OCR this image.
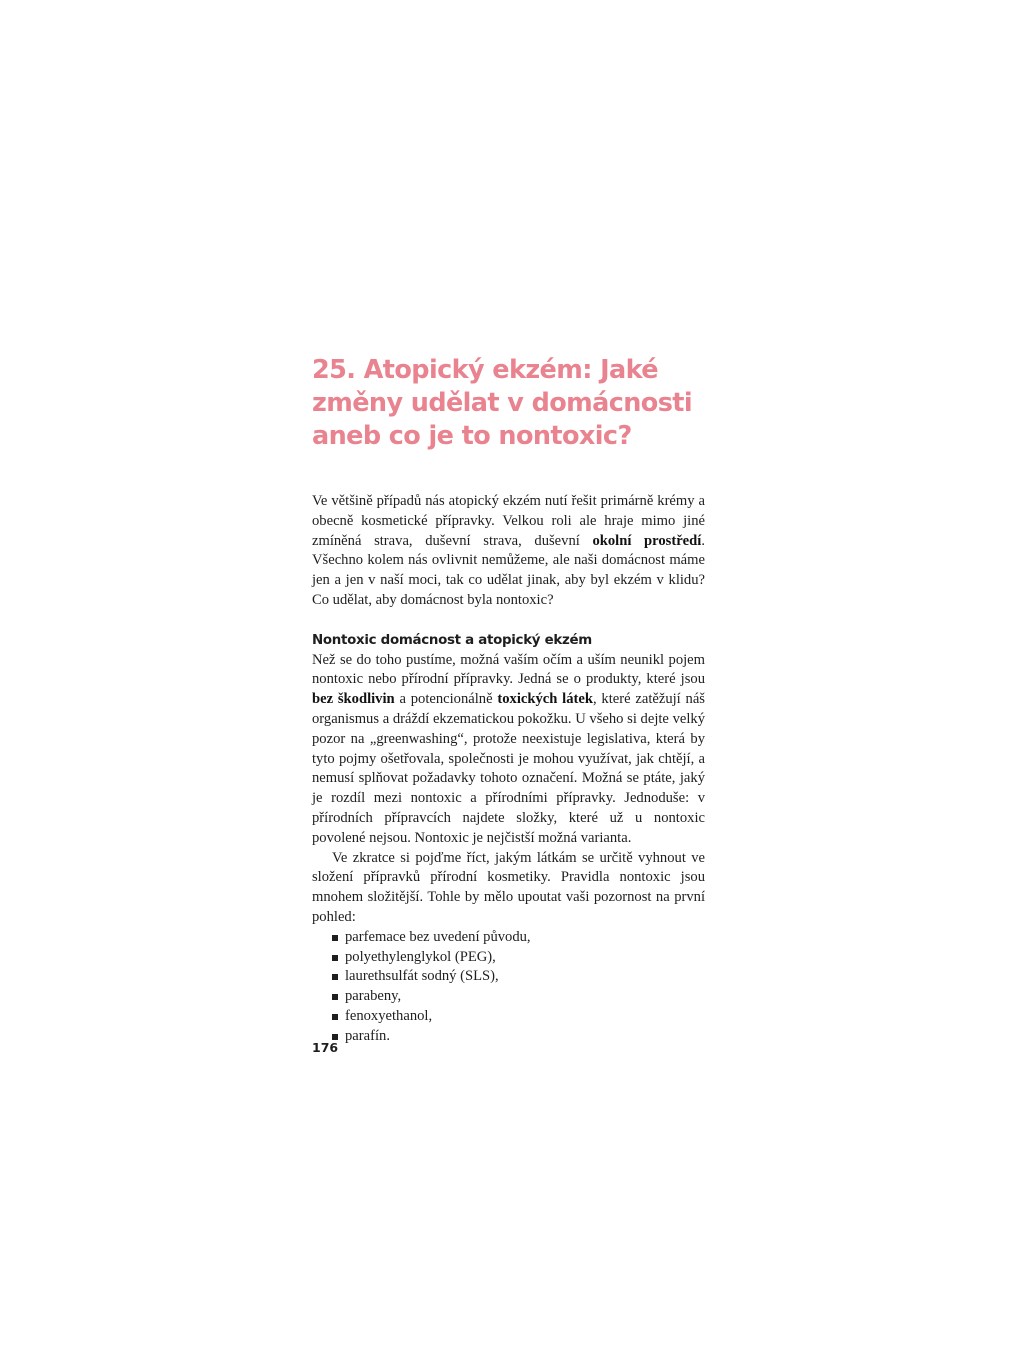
25. Atopický ekzém: Jaké
změny udělat v domácnosti
aneb co je to nontoxic?

Ve většině případů nás atopický ekzém nutí řešit primárně krémy a obecně kosmetické přípravky. Velkou roli ale hraje mimo jiné zmíněná strava, duševní strava, duševní okolní prostředí. Všechno kolem nás ovlivnit nemůžeme, ale naši domácnost máme jen a jen v naší moci, tak co udělat jinak, aby byl ekzém v klidu? Co udělat, aby domácnost byla nontoxic?

Nontoxic domácnost a atopický ekzém

Než se do toho pustíme, možná vaším očím a uším neunikl pojem nontoxic nebo přírodní přípravky. Jedná se o produkty, které jsou bez škodlivin a potencionálně toxických látek, které zatěžují náš organismus a dráždí ekzematickou pokožku. U všeho si dejte velký pozor na „greenwashing“, protože neexistuje legislativa, která by tyto pojmy ošetřovala, společnosti je mohou využívat, jak chtějí, a nemusí splňovat požadavky tohoto označení. Možná se ptáte, jaký je rozdíl mezi nontoxic a přírodními přípravky. Jednoduše: v přírodních přípravcích najdete složky, které už u nontoxic povolené nejsou. Nontoxic je nejčistší možná varianta.

Ve zkratce si pojďme říct, jakým látkám se určitě vyhnout ve složení přípravků přírodní kosmetiky. Pravidla nontoxic jsou mnohem složitější. Tohle by mělo upoutat vaši pozornost na první pohled:

parfemace bez uvedení původu,
polyethylenglykol (PEG),
laurethsulfát sodný (SLS),
parabeny,
fenoxyethanol,
parafín.
176
